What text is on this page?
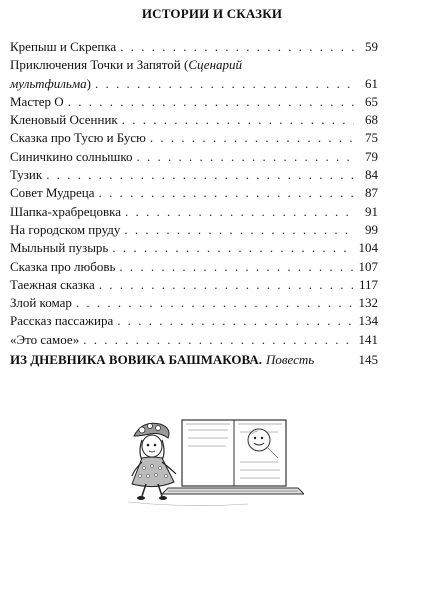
ИСТОРИИ И СКАЗКИ
Крепыш и Скрепка . . .	59
Приключения Точки и Запятой (Сценарий
мультфильма) . . .	61
Мастер О . . .	65
Кленовый Осенник . . .	68
Сказка про Тусю и Бусю . . .	75
Синичкино солнышко . . .	79
Тузик . . .	84
Совет Мудреца . . .	87
Шапка-храбрецовка . . .	91
На городском пруду . . .	99
Мыльный пузырь . . .	104
Сказка про любовь . . .	107
Таежная сказка . . .	117
Злой комар . . .	132
Рассказ пассажира . . .	134
«Это самое» . . .	141
ИЗ ДНЕВНИКА ВОВИКА БАШМАКОВА. Повесть	145
